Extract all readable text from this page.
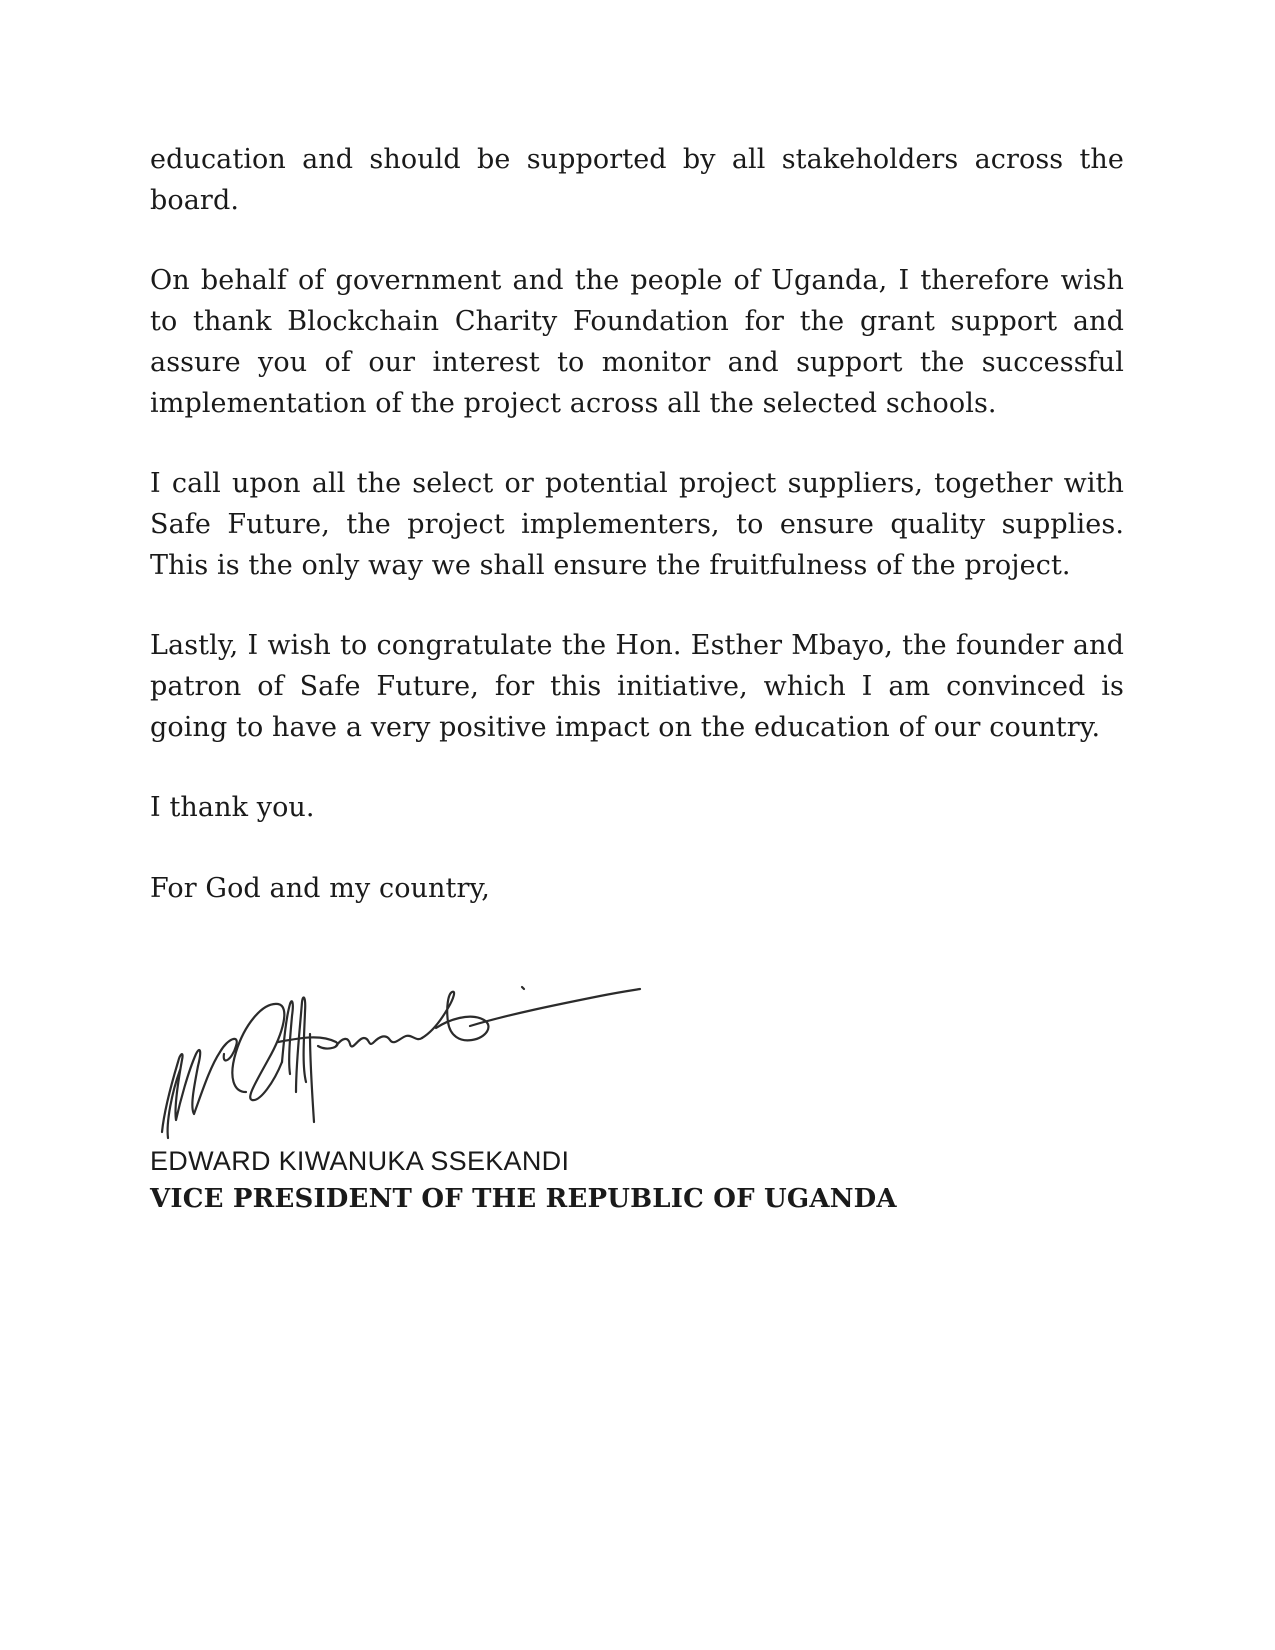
education and should be supported by all stakeholders across the board.

On behalf of government and the people of Uganda, I therefore wish to thank Blockchain Charity Foundation for the grant support and assure you of our interest to monitor and support the successful implementation of the project across all the selected schools.

I call upon all the select or potential project suppliers, together with Safe Future, the project implementers, to ensure quality supplies. This is the only way we shall ensure the fruitfulness of the project.

Lastly, I wish to congratulate the Hon. Esther Mbayo, the founder and patron of Safe Future, for this initiative, which I am convinced is going to have a very positive impact on the education of our country.

I thank you.

For God and my country,

EDWARD KIWANUKA SSEKANDI

VICE PRESIDENT OF THE REPUBLIC OF UGANDA
